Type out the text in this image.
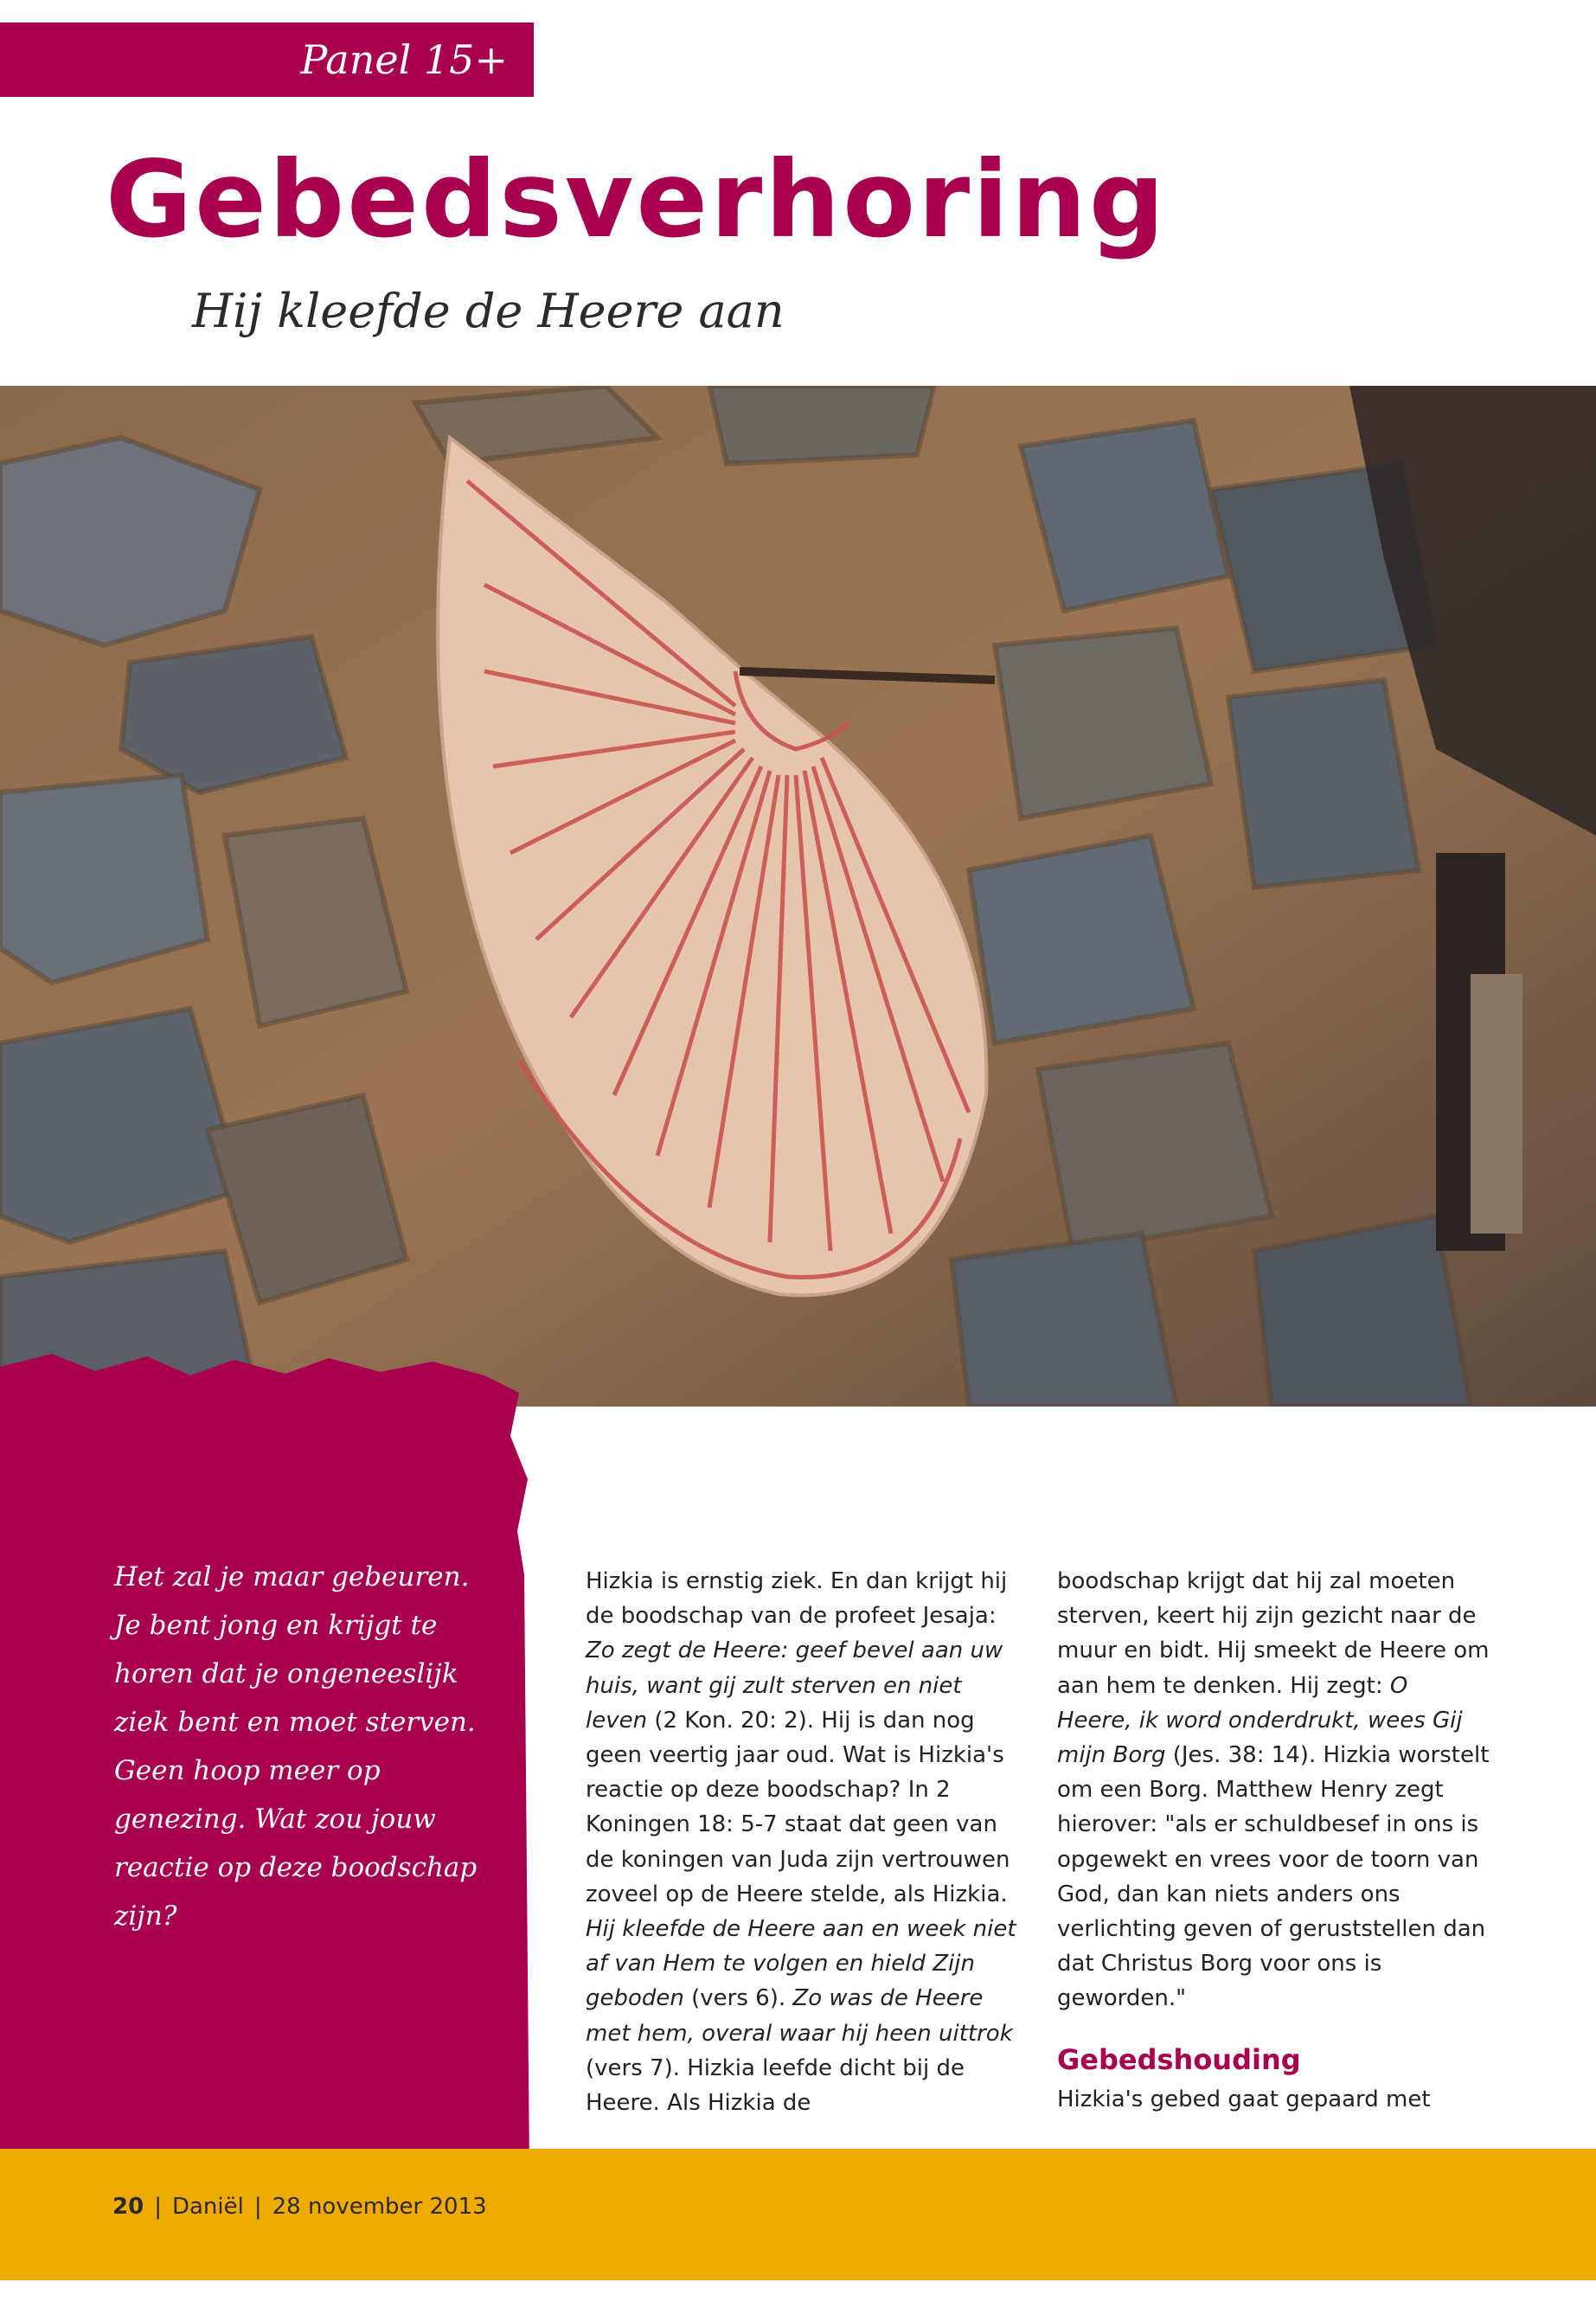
Panel 15+
Gebedsverhoring
Hij kleefde de Heere aan

Het zal je maar gebeuren. Je bent jong en krijgt te horen dat je ongeneeslijk ziek bent en moet sterven. Geen hoop meer op genezing. Wat zou jouw reactie op deze boodschap zijn?

Hizkia is ernstig ziek. En dan krijgt hij de boodschap van de profeet Jesaja: Zo zegt de Heere: geef bevel aan uw huis, want gij zult sterven en niet leven (2 Kon. 20: 2). Hij is dan nog geen veertig jaar oud. Wat is Hizkia's reactie op deze boodschap? In 2 Koningen 18: 5-7 staat dat geen van de koningen van Juda zijn vertrouwen zoveel op de Heere stelde, als Hizkia. Hij kleefde de Heere aan en week niet af van Hem te volgen en hield Zijn geboden (vers 6). Zo was de Heere met hem, overal waar hij heen uittrok (vers 7). Hizkia leefde dicht bij de Heere. Als Hizkia de

boodschap krijgt dat hij zal moeten sterven, keert hij zijn gezicht naar de muur en bidt. Hij smeekt de Heere om aan hem te denken. Hij zegt: O Heere, ik word onderdrukt, wees Gij mijn Borg (Jes. 38: 14). Hizkia worstelt om een Borg. Matthew Henry zegt hierover: "als er schuldbesef in ons is opgewekt en vrees voor de toorn van God, dan kan niets anders ons verlichting geven of geruststellen dan dat Christus Borg voor ons is geworden."

Gebedshouding

Hizkia's gebed gaat gepaard met

20 | Daniël | 28 november 2013
